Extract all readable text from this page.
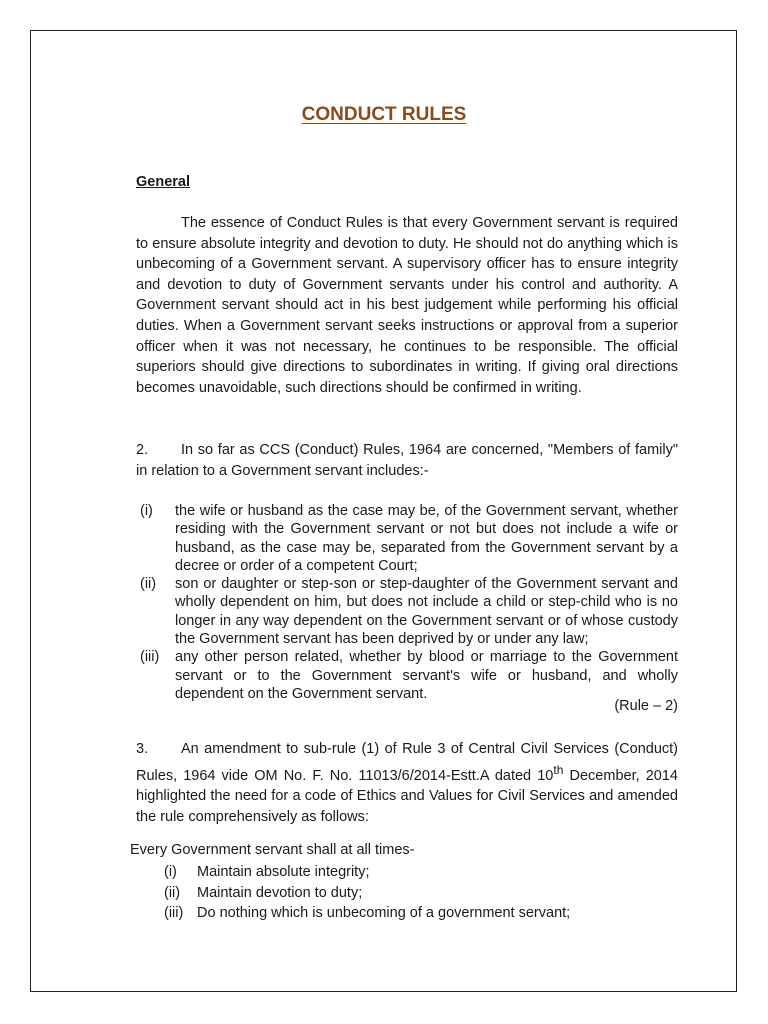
CONDUCT RULES
General

The essence of Conduct Rules is that every Government servant is required to ensure absolute integrity and devotion to duty. He should not do anything which is unbecoming of a Government servant. A supervisory officer has to ensure integrity and devotion to duty of Government servants under his control and authority. A Government servant should act in his best judgement while performing his official duties. When a Government servant seeks instructions or approval from a superior officer when it was not necessary, he continues to be responsible. The official superiors should give directions to subordinates in writing. If giving oral directions becomes unavoidable, such directions should be confirmed in writing.

2. In so far as CCS (Conduct) Rules, 1964 are concerned, "Members of family" in relation to a Government servant includes:-

(i)	the wife or husband as the case may be, of the Government servant, whether residing with the Government servant or not but does not include a wife or husband, as the case may be, separated from the Government servant by a decree or order of a competent Court;
(ii)	son or daughter or step-son or step-daughter of the Government servant and wholly dependent on him, but does not include a child or step-child who is no longer in any way dependent on the Government servant or of whose custody the Government servant has been deprived by or under any law;
(iii)	any other person related, whether by blood or marriage to the Government servant or to the Government servant's wife or husband, and wholly dependent on the Government servant.

(Rule – 2)

3. An amendment to sub-rule (1) of Rule 3 of Central Civil Services (Conduct) Rules, 1964 vide OM No. F. No. 11013/6/2014-Estt.A dated 10th December, 2014 highlighted the need for a code of Ethics and Values for Civil Services and amended the rule comprehensively as follows:

Every Government servant shall at all times-

(i)	Maintain absolute integrity;
(ii)	Maintain devotion to duty;
(iii) Do nothing which is unbecoming of a government servant;
